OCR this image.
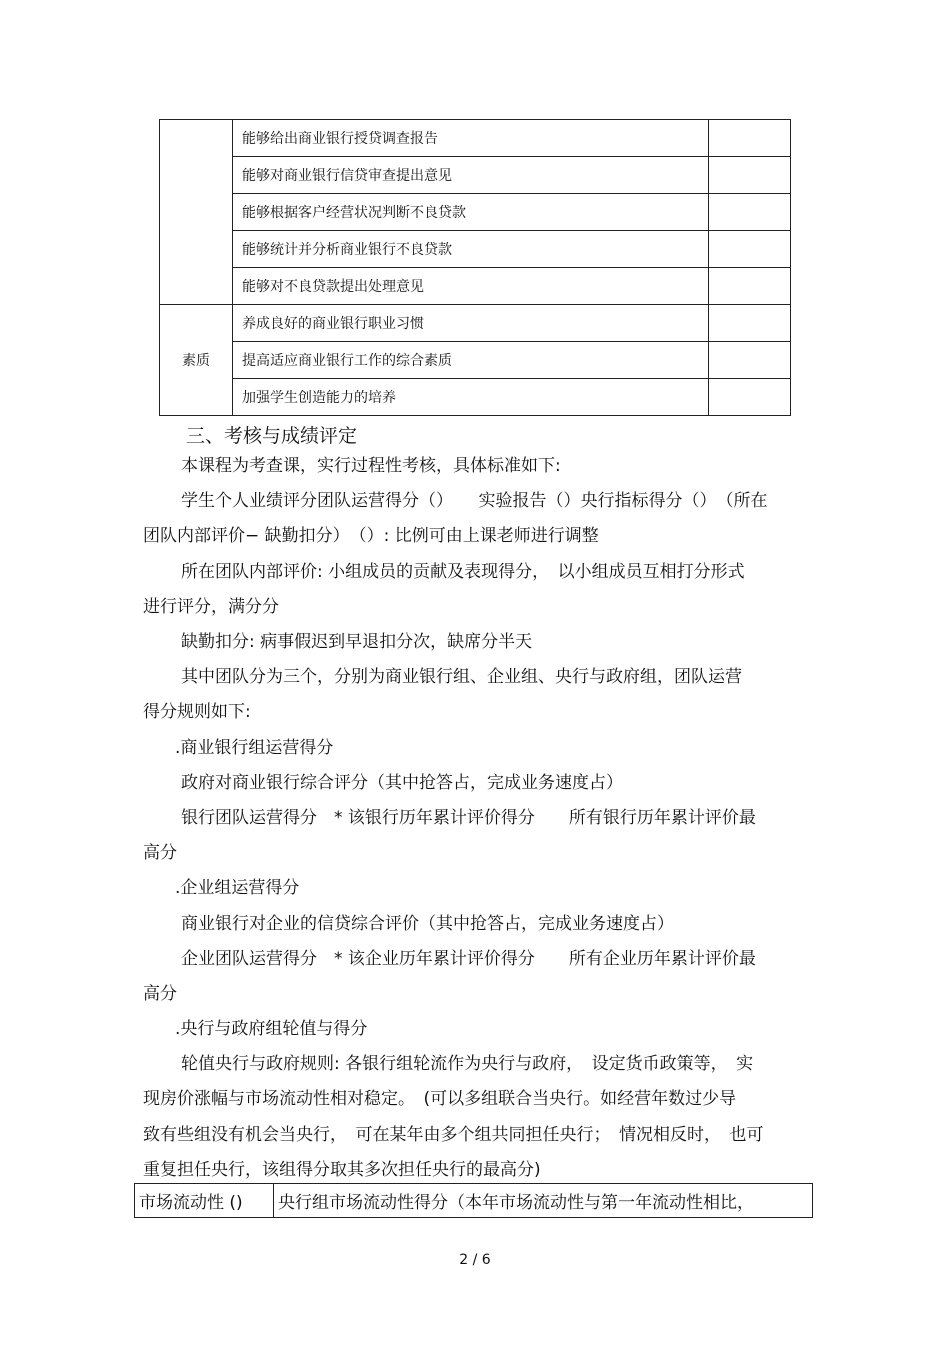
	能够给出商业银行授贷调查报告	
	能够对商业银行信贷审查提出意见	
	能够根据客户经营状况判断不良贷款	
	能够统计并分析商业银行不良贷款	
	能够对不良贷款提出处理意见	
素质	养成良好的商业银行职业习惯	
	提高适应商业银行工作的综合素质	
	加强学生创造能力的培养	
三、考核与成绩评定
本课程为考查课，实行过程性考核，具体标准如下:
学生个人业绩评分团队运营得分（）　　实验报告（）央行指标得分（）　（所在
团队内部评价− 缺勤扣分）　（）: 比例可由上课老师进行调整
所在团队内部评价: 小组成员的贡献及表现得分，　以小组成员互相打分形式
进行评分，满分分
缺勤扣分: 病事假迟到早退扣分次，缺席分半天
其中团队分为三个，分别为商业银行组、企业组、央行与政府组，团队运营
得分规则如下:
.商业银行组运营得分
政府对商业银行综合评分（其中抢答占，完成业务速度占）
银行团队运营得分　* 该银行历年累计评价得分　　所有银行历年累计评价最
高分
.企业组运营得分
商业银行对企业的信贷综合评价（其中抢答占，完成业务速度占）
企业团队运营得分　* 该企业历年累计评价得分　　所有企业历年累计评价最
高分
.央行与政府组轮值与得分
轮值央行与政府规则: 各银行组轮流作为央行与政府，　设定货币政策等，　实
现房价涨幅与市场流动性相对稳定。　(可以多组联合当央行。如经营年数过少导
致有些组没有机会当央行，　可在某年由多个组共同担任央行；　情况相反时，　也可
重复担任央行，该组得分取其多次担任央行的最高分)
市场流动性 ()	央行组市场流动性得分（本年市场流动性与第一年流动性相比，
2 / 6
